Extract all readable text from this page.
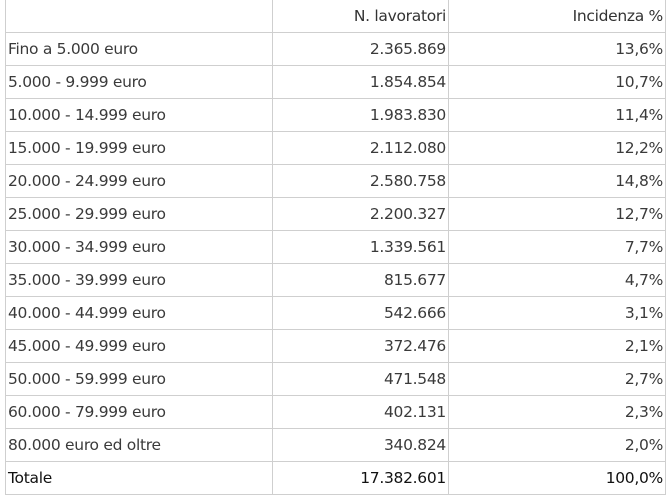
	N. lavoratori	Incidenza %
Fino a 5.000 euro	2.365.869	13,6%
5.000 - 9.999 euro	1.854.854	10,7%
10.000 - 14.999 euro	1.983.830	11,4%
15.000 - 19.999 euro	2.112.080	12,2%
20.000 - 24.999 euro	2.580.758	14,8%
25.000 - 29.999 euro	2.200.327	12,7%
30.000 - 34.999 euro	1.339.561	7,7%
35.000 - 39.999 euro	815.677	4,7%
40.000 - 44.999 euro	542.666	3,1%
45.000 - 49.999 euro	372.476	2,1%
50.000 - 59.999 euro	471.548	2,7%
60.000 - 79.999 euro	402.131	2,3%
80.000 euro ed oltre	340.824	2,0%
Totale	17.382.601	100,0%
